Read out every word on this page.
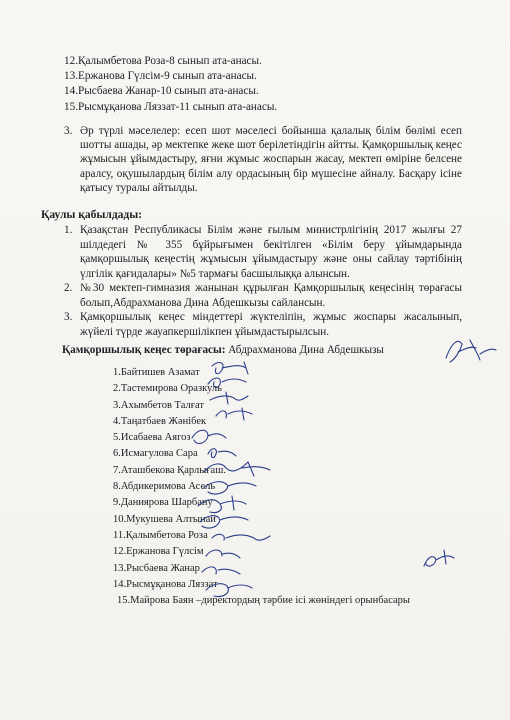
12.Қалымбетова Роза-8 сынып ата-анасы.
13.Ержанова Гүлсім-9 сынып ата-анасы.
14.Рысбаева Жанар-10 сынып ата-анасы.
15.Рысмұқанова Ляззат-11 сынып ата-анасы.
3. Әр түрлі мәселелер: есеп шот мәселесі бойынша қалалық білім бөлімі есеп шотты ашады, әр мектепке жеке шот берілетіндігін айтты. Қамқоршылық кеңес жұмысын ұйымдастыру, яғни жұмыс жоспарын жасау, мектеп өміріне белсене аралсу, оқушылардың білім алу ордасының бір мүшесіне айналу. Басқару ісіне қатысу туралы айтылды.
Қаулы қабылдады:
1. Қазақстан Республикасы Білім және ғылым министрлігінің 2017 жылғы 27 шілдедегі № 355 бұйрығымен бекітілген «Білім беру ұйымдарында қамқоршылық кеңестің жұмысын ұйымдастыру және оны сайлау тәртібінің үлгілік қағидалары» №5 тармағы басшылыққа алынсын.
2. №30 мектеп-гимназия жанынан құрылған Қамқоршылық кеңесінің төрағасы болып,Абдрахманова Дина Абдешкызы сайлансын.
3. Қамқоршылық кеңес міндеттері жүктеліпін, жұмыс жоспары жасалынып, жүйелі түрде жауапкершілікпен ұйымдастырылсын.
Қамқоршылық кеңес төрағасы: Абдрахманова Дина Абдешкызы
1.Байтишев Азамат
2.Тастемирова Оразкуль
3.Ахымбетов Талғат
4.Таңатбаев Жәнібек
5.Исабаева Аягоз
6.Исмагулова Сара
7.Аташбекова Қарлығаш.
8.Абдикеримова Асель
9.Даниярова Шарбану
10.Мукушева Алтынай
11.Қалымбетова Роза
12.Ержанова Гүлсім
13.Рысбаева Жанар
14.Рысмұқанова Ляззат
15.Майрова Баян –директордың тәрбие ісі жөніндегі орынбасары
